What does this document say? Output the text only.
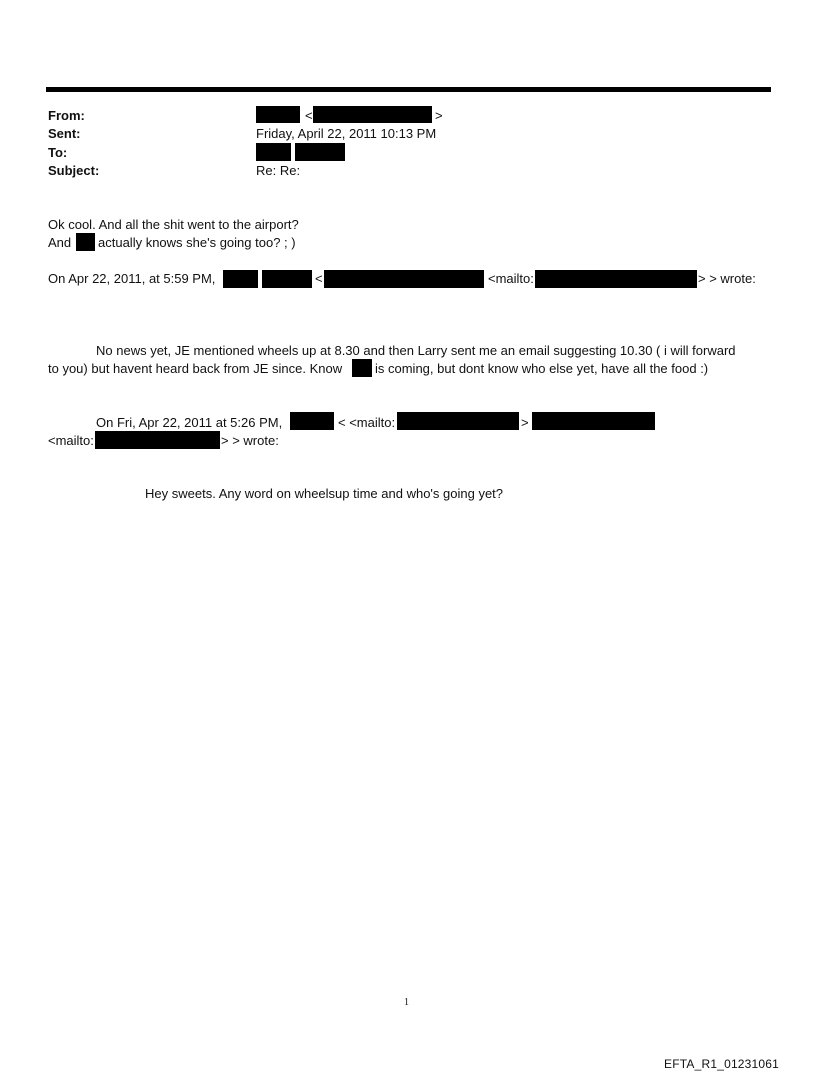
From:	<	>
Sent:	Friday, April 22, 2011 10:13 PM
To:
Subject:	Re: Re:
Ok cool. And all the shit went to the airport?
And actually knows she's going too? ; )
On Apr 22, 2011, at 5:59 PM,	<	<mailto:	> > wrote:
No news yet, JE mentioned wheels up at 8.30 and then Larry sent me an email suggesting 10.30 ( i will forward
to you) but havent heard back from JE since. Know	is coming, but dont know who else yet, have all the food :)
On Fri, Apr 22, 2011 at 5:26 PM,	< <mailto:	>
<mailto:	> > wrote:
Hey sweets. Any word on wheelsup time and who's going yet?
1
EFTA_R1_01231061
